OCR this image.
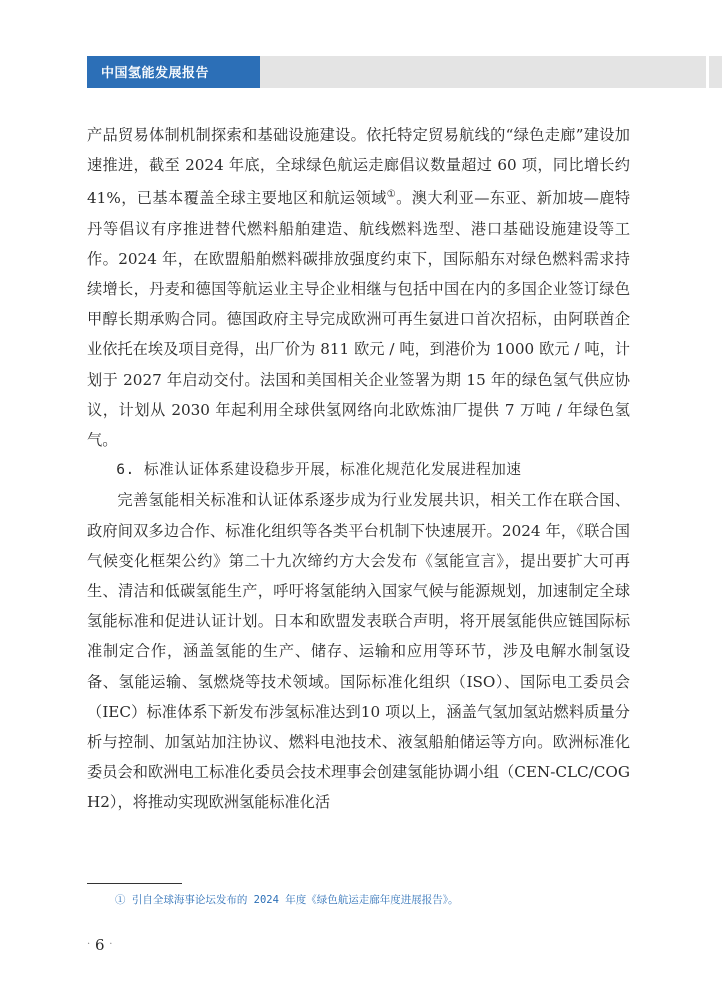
中国氢能发展报告

产品贸易体制机制探索和基础设施建设。依托特定贸易航线的“绿色走廊”建设加速推进，截至 2024 年底，全球绿色航运走廊倡议数量超过 60 项，同比增长约 41%，已基本覆盖全球主要地区和航运领域①。澳大利亚—东亚、新加坡—鹿特丹等倡议有序推进替代燃料船舶建造、航线燃料选型、港口基础设施建设等工作。2024 年，在欧盟船舶燃料碳排放强度约束下，国际船东对绿色燃料需求持续增长，丹麦和德国等航运业主导企业相继与包括中国在内的多国企业签订绿色甲醇长期承购合同。德国政府主导完成欧洲可再生氨进口首次招标，由阿联酋企业依托在埃及项目竞得，出厂价为 811 欧元 / 吨，到港价为 1000 欧元 / 吨，计划于 2027 年启动交付。法国和美国相关企业签署为期 15 年的绿色氢气供应协议，计划从 2030 年起利用全球供氢网络向北欧炼油厂提供 7 万吨 / 年绿色氢气。

6. 标准认证体系建设稳步开展，标准化规范化发展进程加速

完善氢能相关标准和认证体系逐步成为行业发展共识，相关工作在联合国、政府间双多边合作、标准化组织等各类平台机制下快速展开。2024 年，《联合国气候变化框架公约》第二十九次缔约方大会发布《氢能宣言》，提出要扩大可再生、清洁和低碳氢能生产，呼吁将氢能纳入国家气候与能源规划，加速制定全球氢能标准和促进认证计划。日本和欧盟发表联合声明，将开展氢能供应链国际标准制定合作，涵盖氢能的生产、储存、运输和应用等环节，涉及电解水制氢设备、氢能运输、氢燃烧等技术领域。国际标准化组织（ISO）、国际电工委员会（IEC）标准体系下新发布涉氢标准达到10 项以上，涵盖气氢加氢站燃料质量分析与控制、加氢站加注协议、燃料电池技术、液氢船舶储运等方向。欧洲标准化委员会和欧洲电工标准化委员会技术理事会创建氢能协调小组（CEN-CLC/COG H2），将推动实现欧洲氢能标准化活

① 引自全球海事论坛发布的 2024 年度《绿色航运走廊年度进展报告》。
· 6 ·
